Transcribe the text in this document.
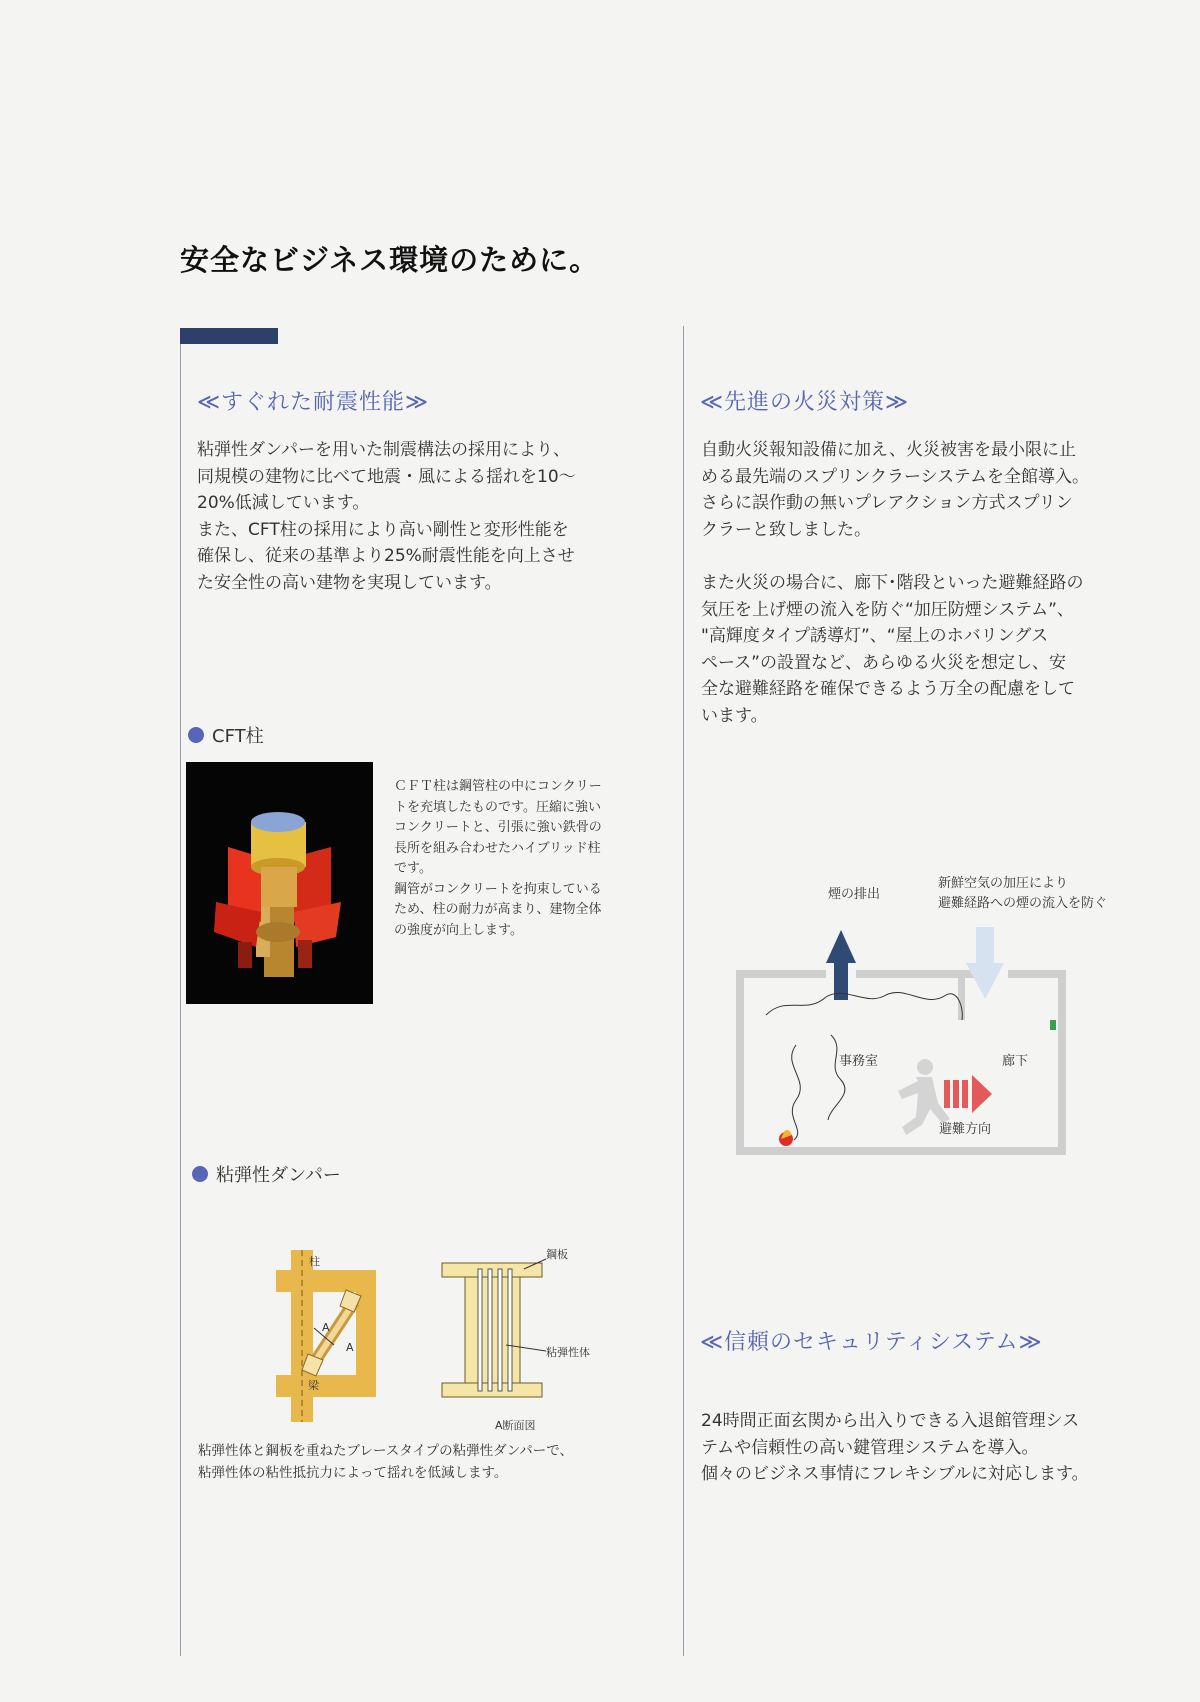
安全なビジネス環境のために。
≪すぐれた耐震性能≫
粘弾性ダンパーを用いた制震構法の採用により、
同規模の建物に比べて地震・風による揺れを10〜
20%低減しています。
また、CFT柱の採用により高い剛性と変形性能を
確保し、従来の基準より25%耐震性能を向上させ
た安全性の高い建物を実現しています。
CFT柱
ＣＦＴ柱は鋼管柱の中にコンクリー
トを充填したものです。圧縮に強い
コンクリートと、引張に強い鉄骨の
長所を組み合わせたハイブリッド柱
です。
鋼管がコンクリートを拘束している
ため、柱の耐力が高まり、建物全体
の強度が向上します。
粘弾性ダンパー
柱
梁
A
A
鋼板
粘弾性体
A断面図
粘弾性体と鋼板を重ねたブレースタイプの粘弾性ダンパーで、
粘弾性体の粘性抵抗力によって揺れを低減します。
≪先進の火災対策≫
自動火災報知設備に加え、火災被害を最小限に止
める最先端のスプリンクラーシステムを全館導入。
さらに誤作動の無いプレアクション方式スプリン
クラーと致しました。
また火災の場合に、廊下･階段といった避難経路の
気圧を上げ煙の流入を防ぐ“加圧防煙システム”、
"高輝度タイプ誘導灯”、“屋上のホバリングス
ペース”の設置など、あらゆる火災を想定し、安
全な避難経路を確保できるよう万全の配慮をして
います。
煙の排出
新鮮空気の加圧により
避難経路への煙の流入を防ぐ
事務室	廊下
避難方向
≪信頼のセキュリティシステム≫
24時間正面玄関から出入りできる入退館管理シス
テムや信頼性の高い鍵管理システムを導入。
個々のビジネス事情にフレキシブルに対応します。
